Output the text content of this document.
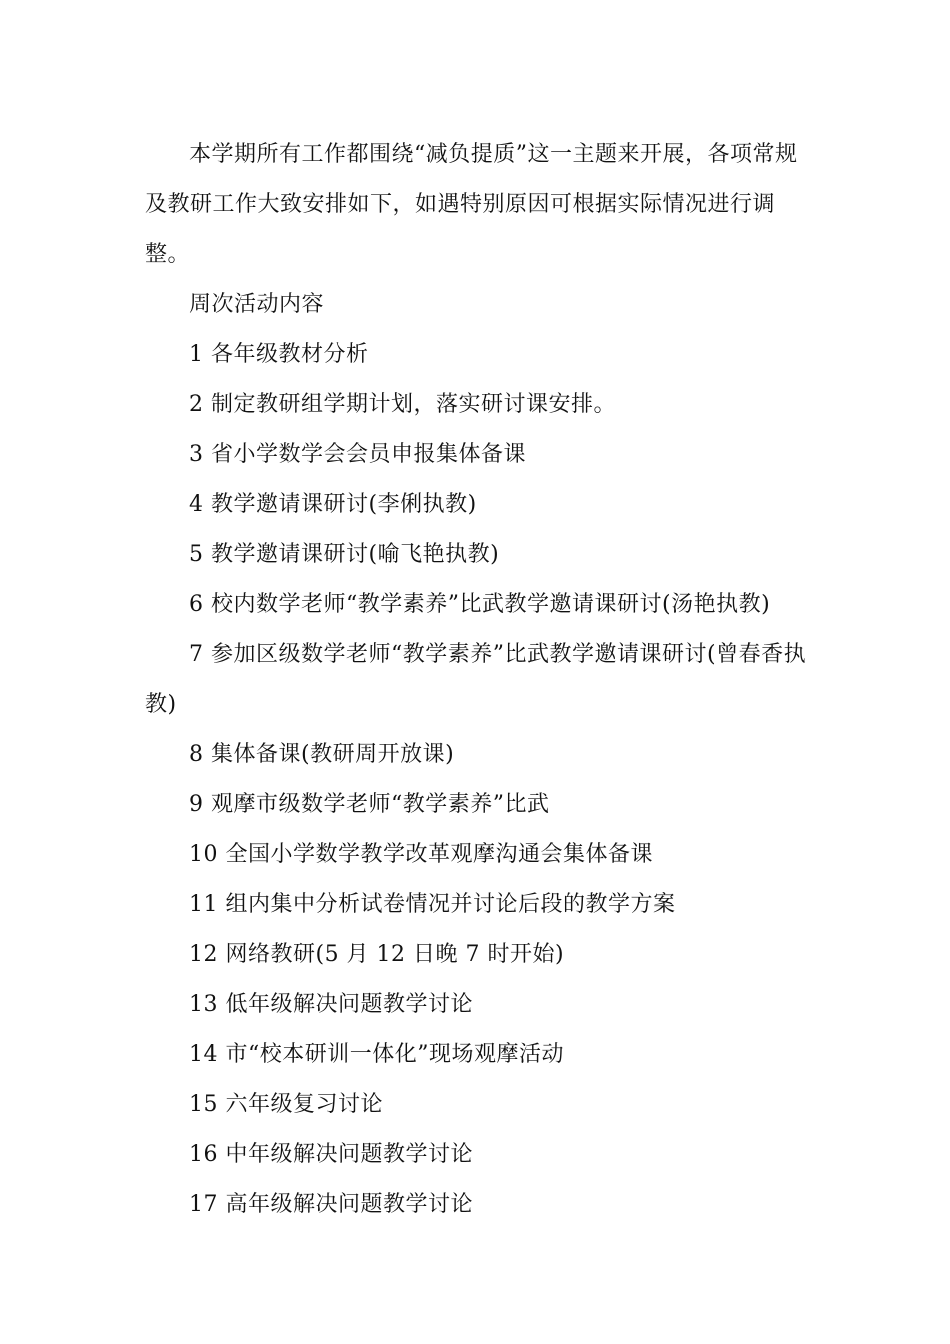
本学期所有工作都围绕“减负提质”这一主题来开展，各项常规及教研工作大致安排如下，如遇特别原因可根据实际情况进行调整。

周次活动内容

1 各年级教材分析
2 制定教研组学期计划，落实研讨课安排。
3 省小学数学会会员申报集体备课
4 教学邀请课研讨(李俐执教)
5 教学邀请课研讨(喻飞艳执教)
6 校内数学老师“教学素养”比武教学邀请课研讨(汤艳执教)
7 参加区级数学老师“教学素养”比武教学邀请课研讨(曾春香执教)
8 集体备课(教研周开放课)
9 观摩市级数学老师“教学素养”比武
10 全国小学数学教学改革观摩沟通会集体备课
11 组内集中分析试卷情况并讨论后段的教学方案
12 网络教研(5 月 12 日晚 7 时开始)
13 低年级解决问题教学讨论
14 市“校本研训一体化”现场观摩活动
15 六年级复习讨论
16 中年级解决问题教学讨论
17 高年级解决问题教学讨论
